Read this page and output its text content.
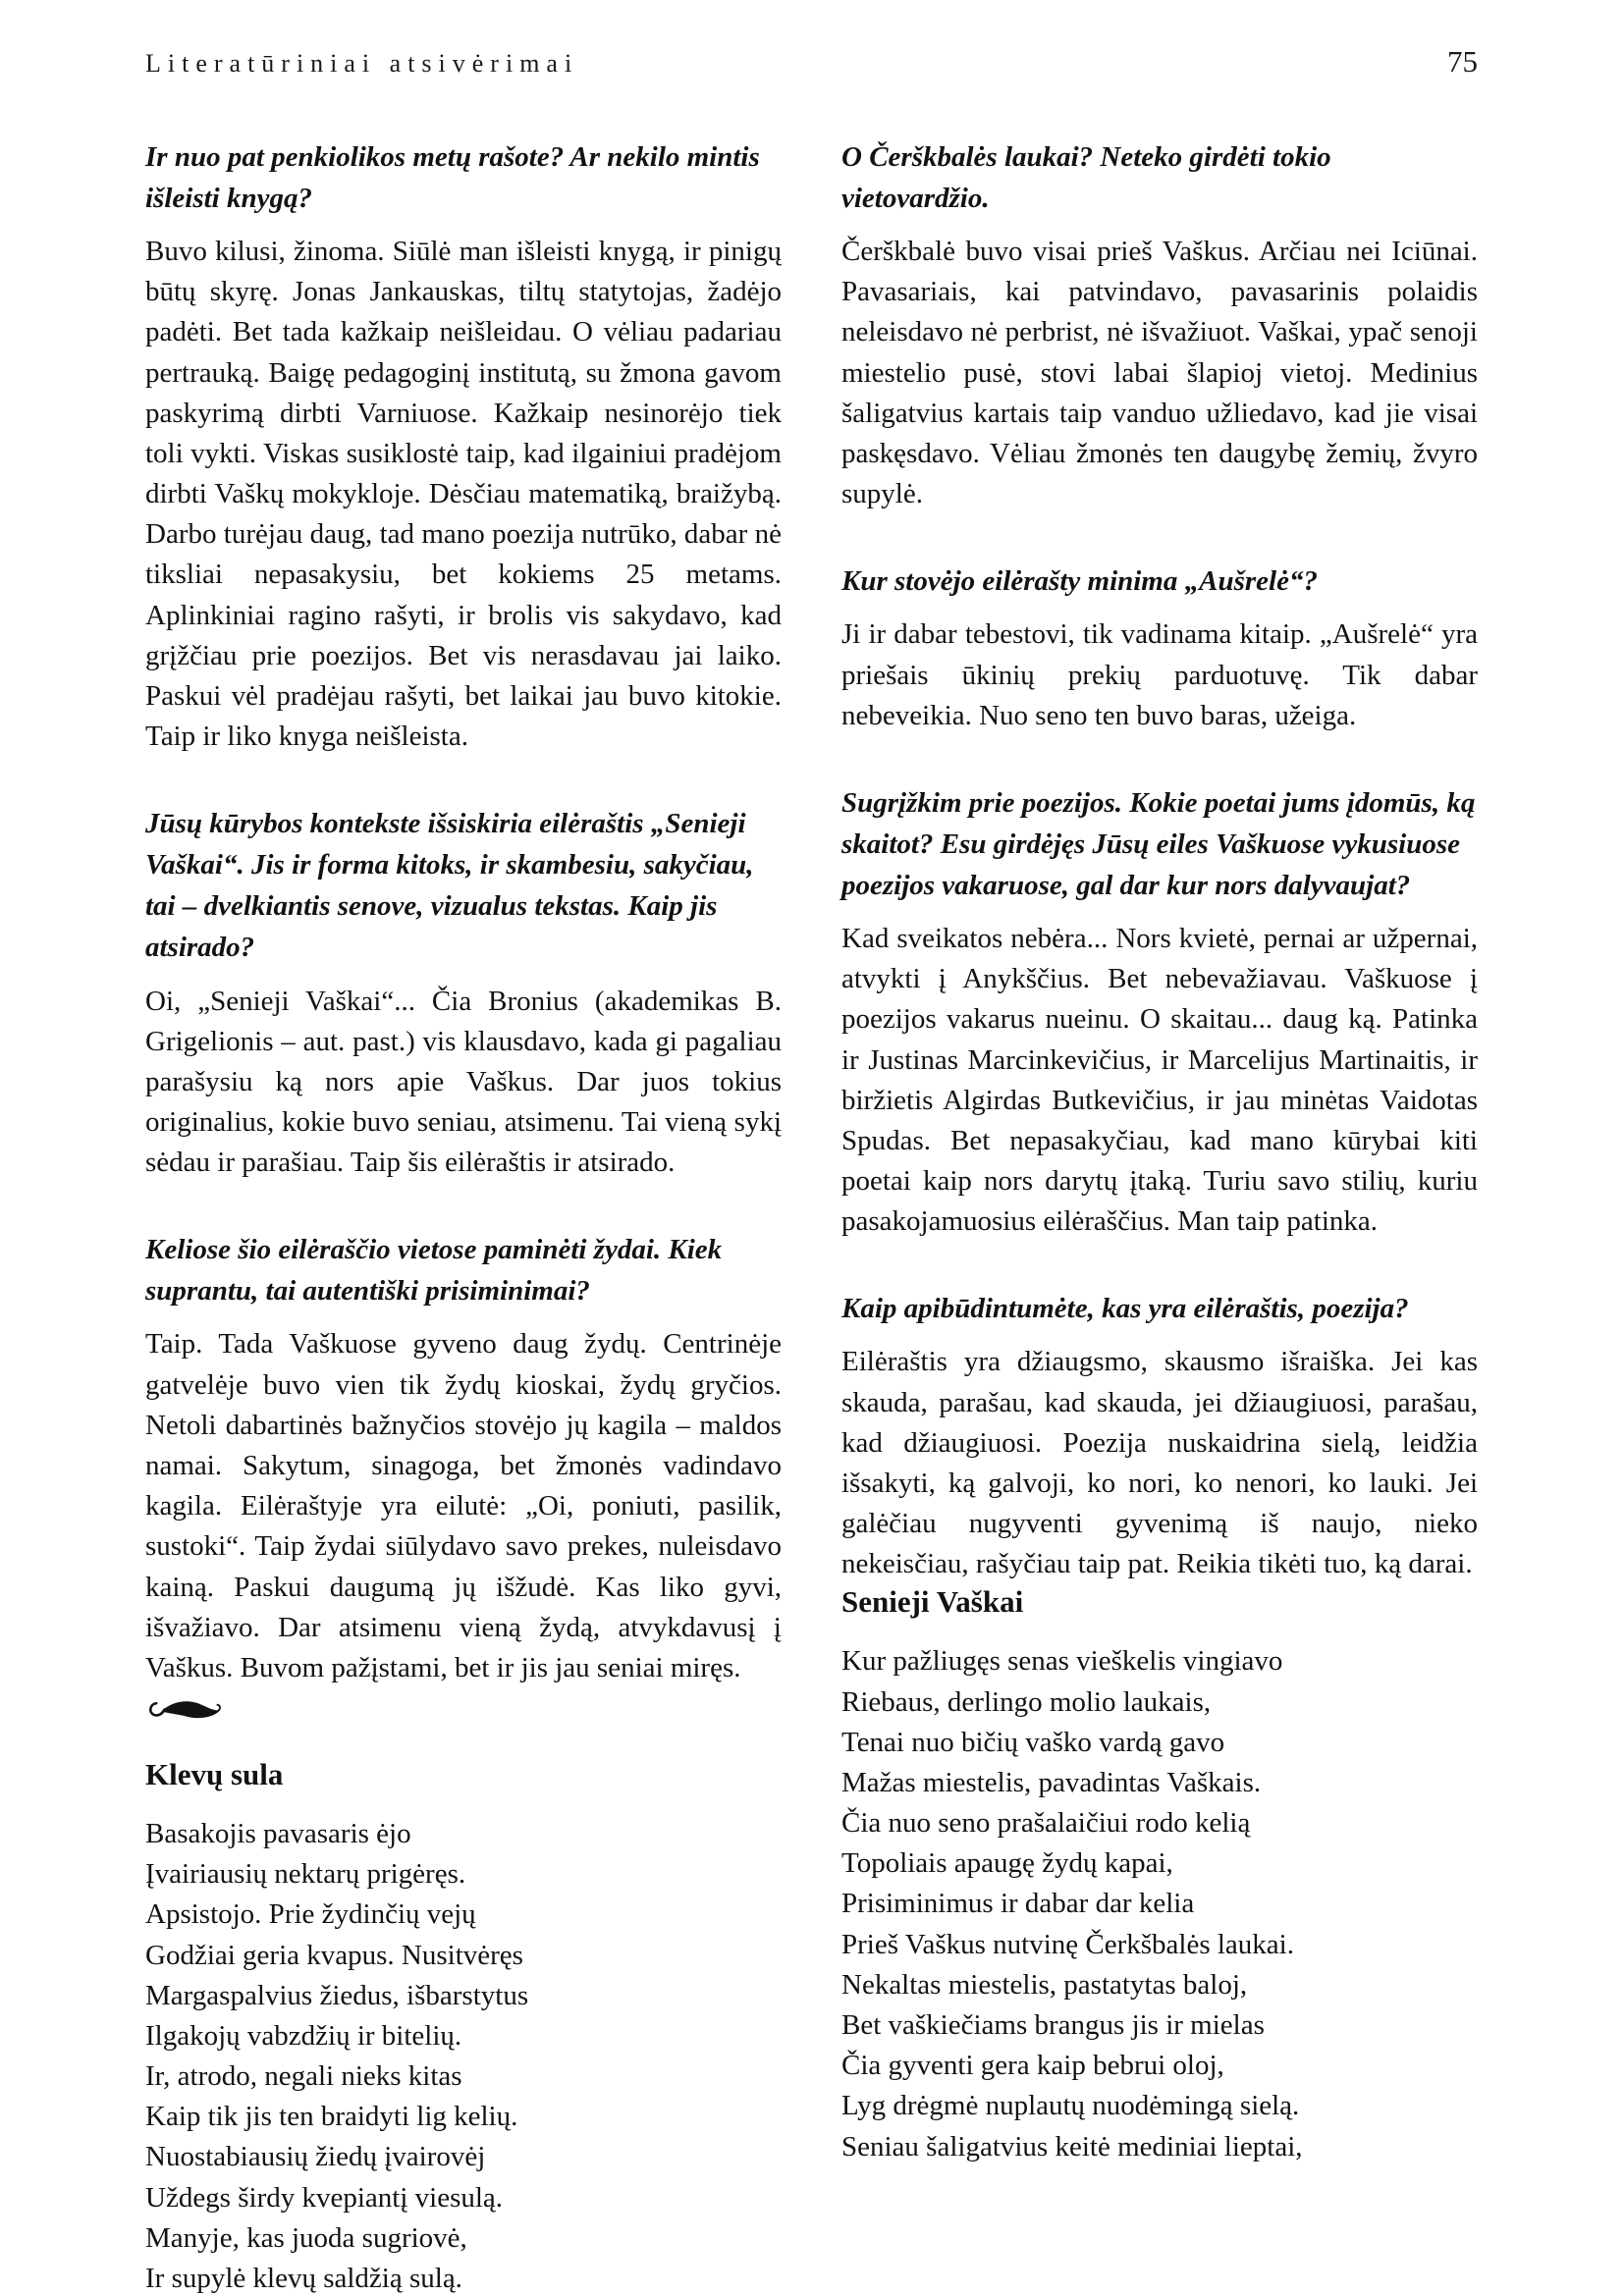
Literatūriniai atsivėrimai	75

Ir nuo pat penkiolikos metų rašote? Ar nekilo mintis išleisti knygą?

Buvo kilusi, žinoma. Siūlė man išleisti knygą, ir pinigų būtų skyrę. Jonas Jankauskas, tiltų statytojas, žadėjo padėti. Bet tada kažkaip neišleidau. O vėliau padariau pertrauką. Baigę pedagoginį institutą, su žmona gavom paskyrimą dirbti Varniuose. Kažkaip nesinorėjo tiek toli vykti. Viskas susiklostė taip, kad ilgainiui pradėjom dirbti Vaškų mokykloje. Dėsčiau matematiką, braižybą. Darbo turėjau daug, tad mano poezija nutrūko, dabar nė tiksliai nepasakysiu, bet kokiems 25 metams. Aplinkiniai ragino rašyti, ir brolis vis sakydavo, kad grįžčiau prie poezijos. Bet vis nerasdavau jai laiko. Paskui vėl pradėjau rašyti, bet laikai jau buvo kitokie. Taip ir liko knyga neišleista.

Jūsų kūrybos kontekste išsiskiria eilėraštis „Senieji Vaškai“. Jis ir forma kitoks, ir skambesiu, sakyčiau, tai – dvelkiantis senove, vizualus tekstas. Kaip jis atsirado?

Oi, „Senieji Vaškai“... Čia Bronius (akademikas B. Grigelionis – aut. past.) vis klausdavo, kada gi pagaliau parašysiu ką nors apie Vaškus. Dar juos tokius originalius, kokie buvo seniau, atsimenu. Tai vieną sykį sėdau ir parašiau. Taip šis eilėraštis ir atsirado.

Keliose šio eilėraščio vietose paminėti žydai. Kiek suprantu, tai autentiški prisiminimai?

Taip. Tada Vaškuose gyveno daug žydų. Centrinėje gatvelėje buvo vien tik žydų kioskai, žydų gryčios. Netoli dabartinės bažnyčios stovėjo jų kagila – maldos namai. Sakytum, sinagoga, bet žmonės vadindavo kagila. Eilėraštyje yra eilutė: „Oi, poniuti, pasilik, sustoki“. Taip žydai siūlydavo savo prekes, nuleisdavo kainą. Paskui daugumą jų išžudė. Kas liko gyvi, išvažiavo. Dar atsimenu vieną žydą, atvykdavusį į Vaškus. Buvom pažįstami, bet ir jis jau seniai miręs.

Klevų sula
Basakojis pavasaris ėjo
Įvairiausių nektarų prigėręs.
Apsistojo. Prie žydinčių vejų
Godžiai geria kvapus. Nusitvėręs
Margaspalvius žiedus, išbarstytus
Ilgakojų vabzdžių ir bitelių.
Ir, atrodo, negali nieks kitas
Kaip tik jis ten braidyti lig kelių.
Nuostabiausių žiedų įvairovėj
Uždegs širdy kvepiantį viesulą.
Manyje, kas juoda sugriovė,
Ir supylė klevų saldžią sulą.

O Čerškbalės laukai? Neteko girdėti tokio vietovardžio.

Čerškbalė buvo visai prieš Vaškus. Arčiau nei Iciūnai. Pavasariais, kai patvindavo, pavasarinis polaidis neleisdavo nė perbrist, nė išvažiuot. Vaškai, ypač senoji miestelio pusė, stovi labai šlapioj vietoj. Medinius šaligatvius kartais taip vanduo užliedavo, kad jie visai paskęsdavo. Vėliau žmonės ten daugybę žemių, žvyro supylė.

Kur stovėjo eilėrašty minima „Aušrelė“?

Ji ir dabar tebestovi, tik vadinama kitaip. „Aušrelė“ yra priešais ūkinių prekių parduotuvę. Tik dabar nebeveikia. Nuo seno ten buvo baras, užeiga.

Sugrįžkim prie poezijos. Kokie poetai jums įdomūs, ką skaitot? Esu girdėjęs Jūsų eiles Vaškuose vykusiuose poezijos vakaruose, gal dar kur nors dalyvaujat?

Kad sveikatos nebėra... Nors kvietė, pernai ar užpernai, atvykti į Anykščius. Bet nebevažiavau. Vaškuose į poezijos vakarus nueinu. O skaitau... daug ką. Patinka ir Justinas Marcinkevičius, ir Marcelijus Martinaitis, ir biržietis Algirdas Butkevičius, ir jau minėtas Vaidotas Spudas. Bet nepasakyčiau, kad mano kūrybai kiti poetai kaip nors darytų įtaką. Turiu savo stilių, kuriu pasakojamuosius eilėraščius. Man taip patinka.

Kaip apibūdintumėte, kas yra eilėraštis, poezija?

Eilėraštis yra džiaugsmo, skausmo išraiška. Jei kas skauda, parašau, kad skauda, jei džiaugiuosi, parašau, kad džiaugiuosi. Poezija nuskaidrina sielą, leidžia išsakyti, ką galvoji, ko nori, ko nenori, ko lauki. Jei galėčiau nugyventi gyvenimą iš naujo, nieko nekeisčiau, rašyčiau taip pat. Reikia tikėti tuo, ką darai.

Senieji Vaškai
Kur pažliugęs senas vieškelis vingiavo
Riebaus, derlingo molio laukais,
Tenai nuo bičių vaško vardą gavo
Mažas miestelis, pavadintas Vaškais.
Čia nuo seno prašalaičiui rodo kelią
Topoliais apaugę žydų kapai,
Prisiminimus ir dabar dar kelia
Prieš Vaškus nutvinę Čerkšbalės laukai.
Nekaltas miestelis, pastatytas baloj,
Bet vaškiečiams brangus jis ir mielas
Čia gyventi gera kaip bebrui oloj,
Lyg drėgmė nuplautų nuodėmingą sielą.
Seniau šaligatvius keitė mediniai lieptai,
